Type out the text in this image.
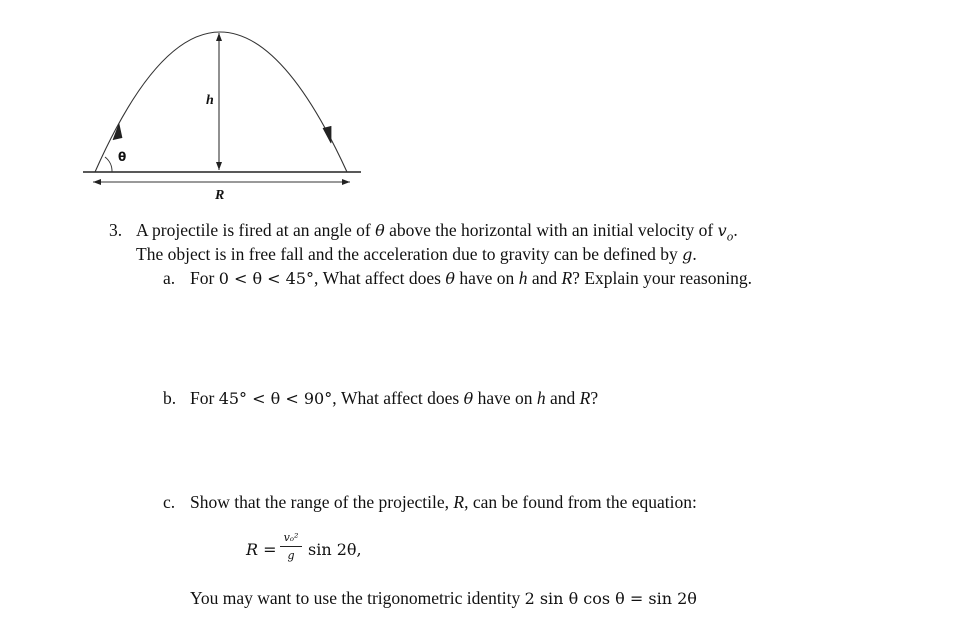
θ
h
R
3. A projectile is fired at an angle of θ above the horizontal with an initial velocity of $v_o$.
The object is in free fall and the acceleration due to gravity can be defined by g.
a. For 0 < θ < 45°, What affect does θ have on h and R? Explain your reasoning.
b. For 45° < θ < 90°, What affect does θ have on h and R?
c. Show that the range of the projectile, R, can be found from the equation:
R =
vₒ²
g sin 2θ,
You may want to use the trigonometric identity 2 sin θ cos θ = sin 2θ
